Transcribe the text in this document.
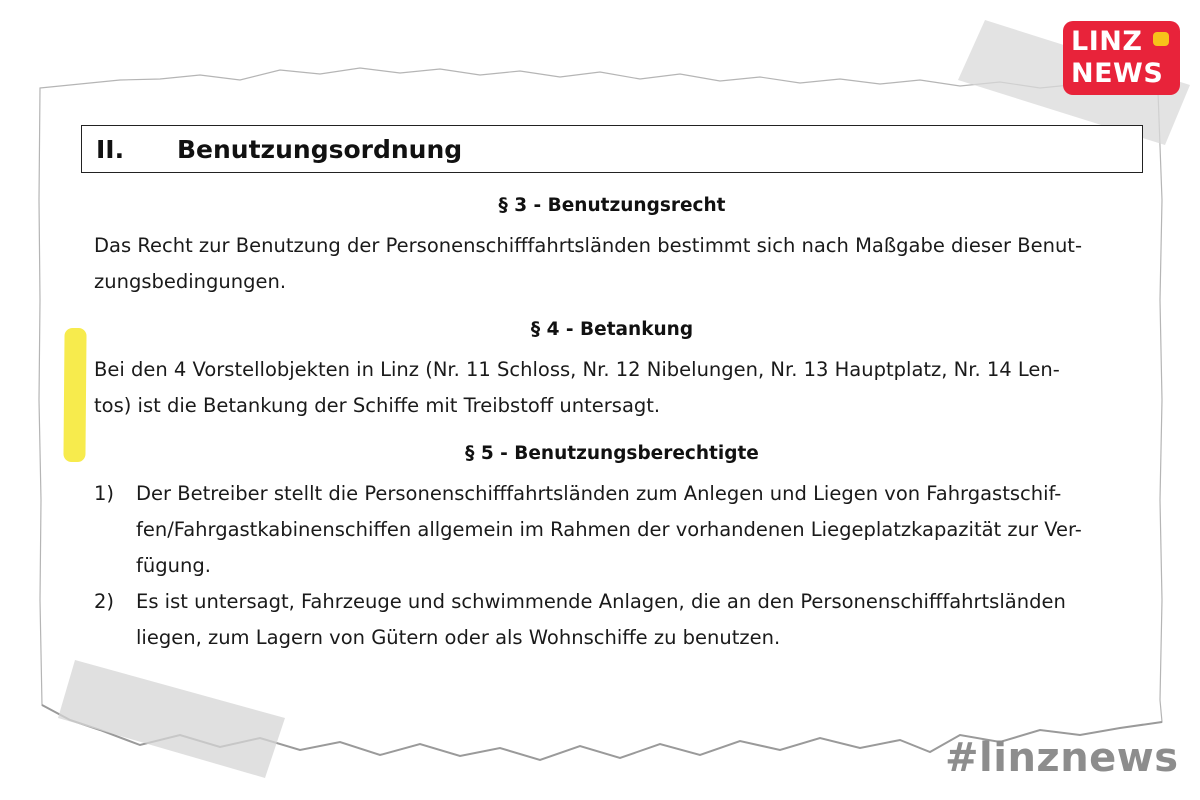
II. Benutzungsordnung
§ 3 - Benutzungsrecht
Das Recht zur Benutzung der Personenschifffahrtsländen bestimmt sich nach Maßgabe dieser Benut-
zungsbedingungen.
§ 4 - Betankung
Bei den 4 Vorstellobjekten in Linz (Nr. 11 Schloss, Nr. 12 Nibelungen, Nr. 13 Hauptplatz, Nr. 14 Len-
tos) ist die Betankung der Schiffe mit Treibstoff untersagt.
§ 5 - Benutzungsberechtigte
1) Der Betreiber stellt die Personenschifffahrtsländen zum Anlegen und Liegen von Fahrgastschif-
fen/Fahrgastkabinenschiffen allgemein im Rahmen der vorhandenen Liegeplatzkapazität zur Ver-
fügung.
2) Es ist untersagt, Fahrzeuge und schwimmende Anlagen, die an den Personenschifffahrtsländen
liegen, zum Lagern von Gütern oder als Wohnschiffe zu benutzen.
LINZ
NEWS
#linznews
